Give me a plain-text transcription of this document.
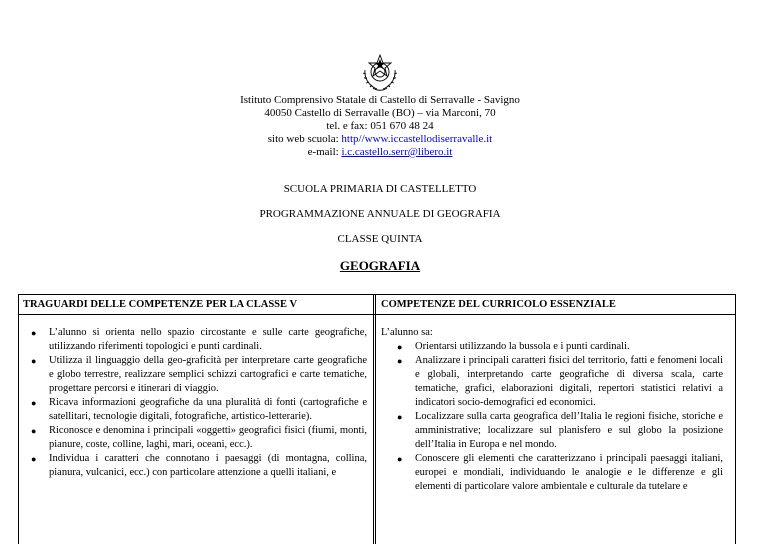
Istituto Comprensivo Statale di Castello di Serravalle - Savigno
40050 Castello di Serravalle (BO) – via Marconi, 70
tel. e fax: 051 670 48 24
sito web scuola: http//www.iccastellodiserravalle.it
e-mail: i.c.castello.serr@libero.it
SCUOLA PRIMARIA DI CASTELLETTO
PROGRAMMAZIONE ANNUALE DI GEOGRAFIA
CLASSE QUINTA
GEOGRAFIA
TRAGUARDI DELLE COMPETENZE PER LA CLASSE V	COMPETENZE DEL CURRICOLO ESSENZIALE
● L’alunno si orienta nello spazio circostante e sulle carte geografiche, utilizzando riferimenti topologici e punti cardinali.
● Utilizza il linguaggio della geo-graficità per interpretare carte geografiche e globo terrestre, realizzare semplici schizzi cartografici e carte tematiche, progettare percorsi e itinerari di viaggio.
● Ricava informazioni geografiche da una pluralità di fonti (cartografiche e satellitari, tecnologie digitali, fotografiche, artistico-letterarie).
● Riconosce e denomina i principali «oggetti» geografici fisici (fiumi, monti, pianure, coste, colline, laghi, mari, oceani, ecc.).
● Individua i caratteri che connotano i paesaggi (di montagna, collina, pianura, vulcanici, ecc.) con particolare attenzione a quelli italiani, e
L’alunno sa:
● Orientarsi utilizzando la bussola e i punti cardinali.
● Analizzare i principali caratteri fisici del territorio, fatti e fenomeni locali e globali, interpretando carte geografiche di diversa scala, carte tematiche, grafici, elaborazioni digitali, repertori statistici relativi a indicatori socio-demografici ed economici.
● Localizzare sulla carta geografica dell’Italia le regioni fisiche, storiche e amministrative; localizzare sul planisfero e sul globo la posizione dell’Italia in Europa e nel mondo.
● Conoscere gli elementi che caratterizzano i principali paesaggi italiani, europei e mondiali, individuando le analogie e le differenze e gli elementi di particolare valore ambientale e culturale da tutelare e
